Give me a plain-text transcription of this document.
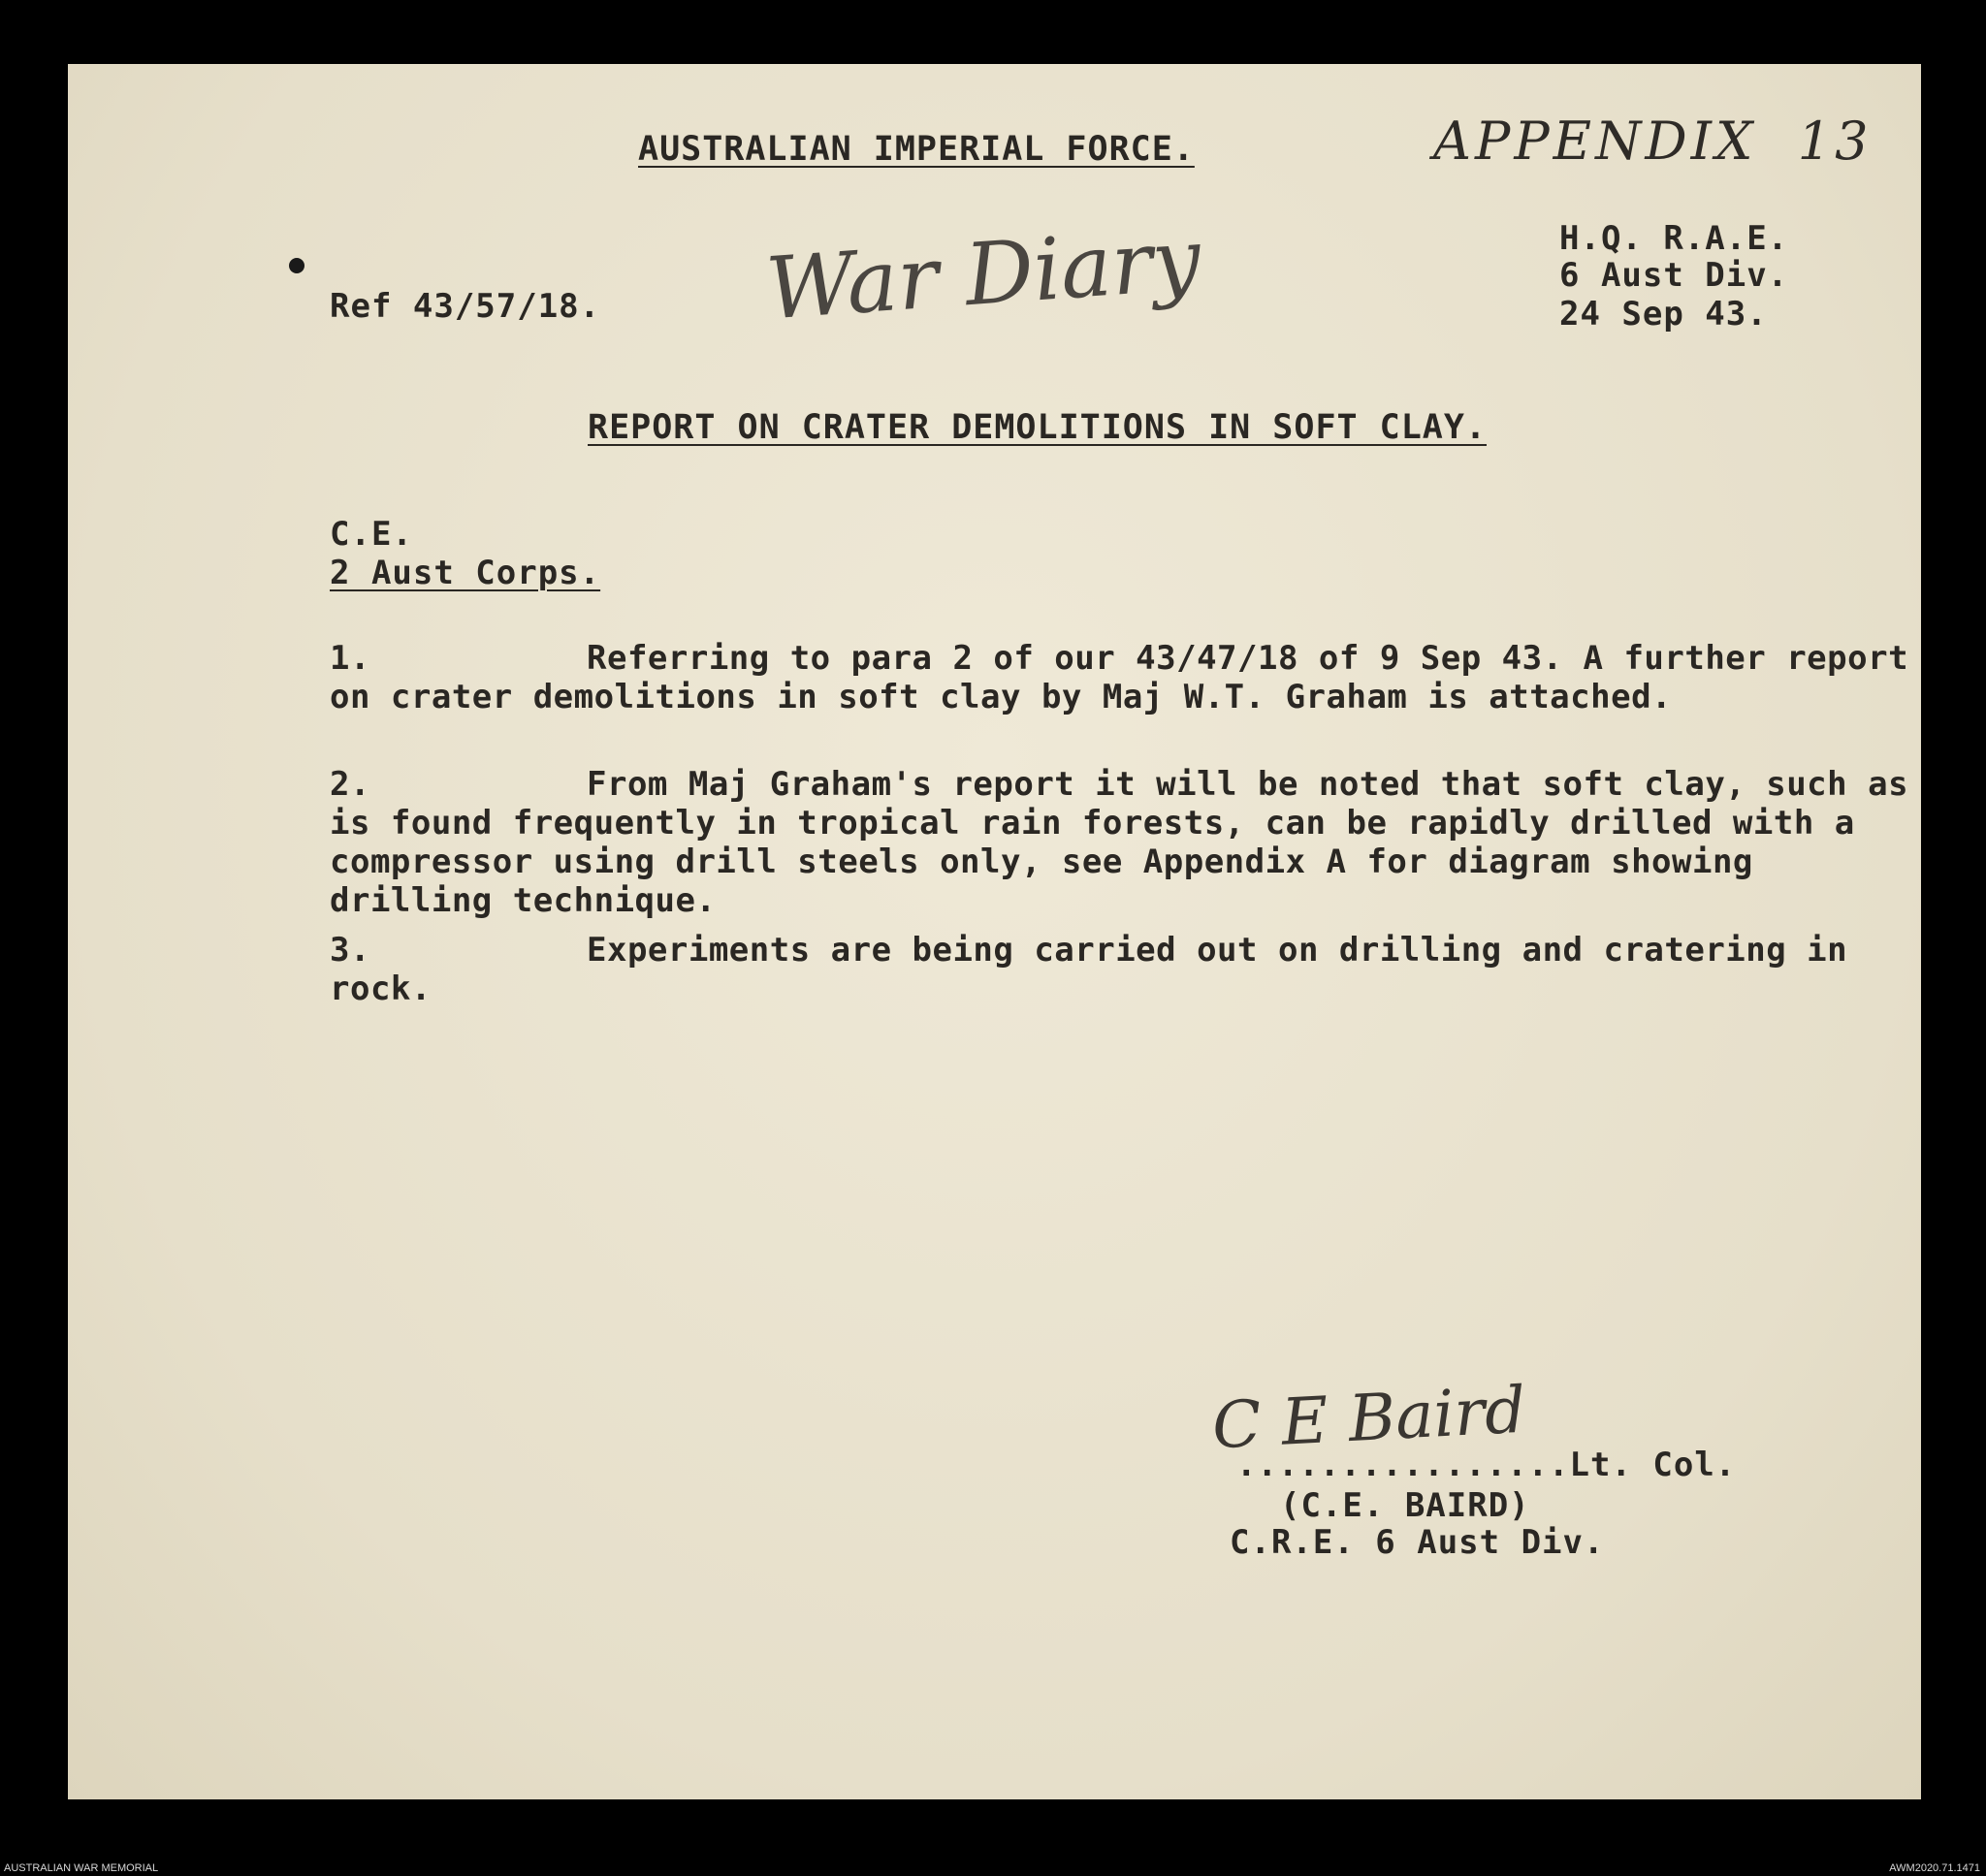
AUSTRALIAN IMPERIAL FORCE.	APPENDIX  13
War Diary
Ref 43/57/18.
H.Q. R.A.E.
6 Aust Div.
24 Sep 43.
REPORT ON CRATER DEMOLITIONS IN SOFT CLAY.
C.E.
2 Aust Corps.
1.	Referring to para 2 of our 43/47/18 of 9 Sep 43. A further report on crater demolitions in soft clay by Maj W.T. Graham is attached.
2.	From Maj Graham's report it will be noted that soft clay, such as is found frequently in tropical rain forests, can be rapidly drilled with a compressor using drill steels only, see Appendix A for diagram showing drilling technique.
3.	Experiments are being carried out on drilling and cratering in rock.
C E Baird
................Lt. Col.
(C.E. BAIRD)
C.R.E. 6 Aust Div.
AUSTRALIAN WAR MEMORIAL	AWM2020.71.1471
